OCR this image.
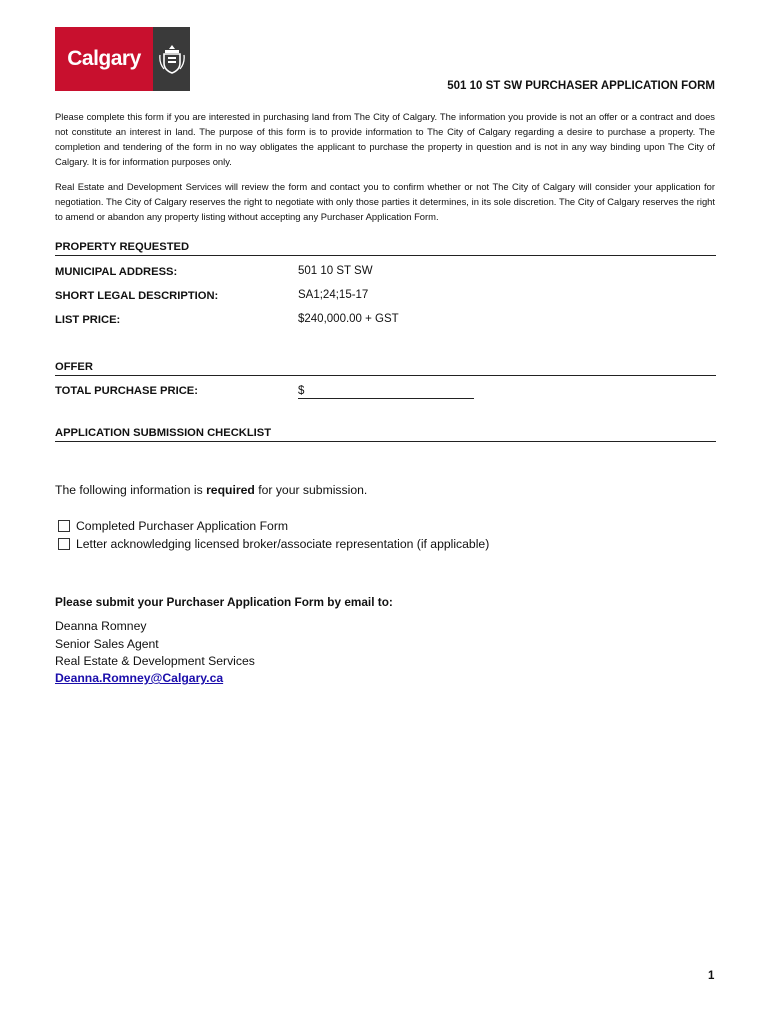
Calgary
501 10 ST SW PURCHASER APPLICATION FORM
Please complete this form if you are interested in purchasing land from The City of Calgary. The information you provide is not an offer or a contract and does not constitute an interest in land. The purpose of this form is to provide information to The City of Calgary regarding a desire to purchase a property. The completion and tendering of the form in no way obligates the applicant to purchase the property in question and is not in any way binding upon The City of Calgary. It is for information purposes only.
Real Estate and Development Services will review the form and contact you to confirm whether or not The City of Calgary will consider your application for negotiation. The City of Calgary reserves the right to negotiate with only those parties it determines, in its sole discretion. The City of Calgary reserves the right to amend or abandon any property listing without accepting any Purchaser Application Form.
PROPERTY REQUESTED
MUNICIPAL ADDRESS:	501 10 ST SW
SHORT LEGAL DESCRIPTION:	SA1;24;15-17
LIST PRICE:	$240,000.00 + GST
OFFER
TOTAL PURCHASE PRICE:	$
APPLICATION SUBMISSION CHECKLIST
The following information is required for your submission.
Completed Purchaser Application Form
Letter acknowledging licensed broker/associate representation (if applicable)
Please submit your Purchaser Application Form by email to:
Deanna Romney
Senior Sales Agent
Real Estate & Development Services
Deanna.Romney@Calgary.ca
1
